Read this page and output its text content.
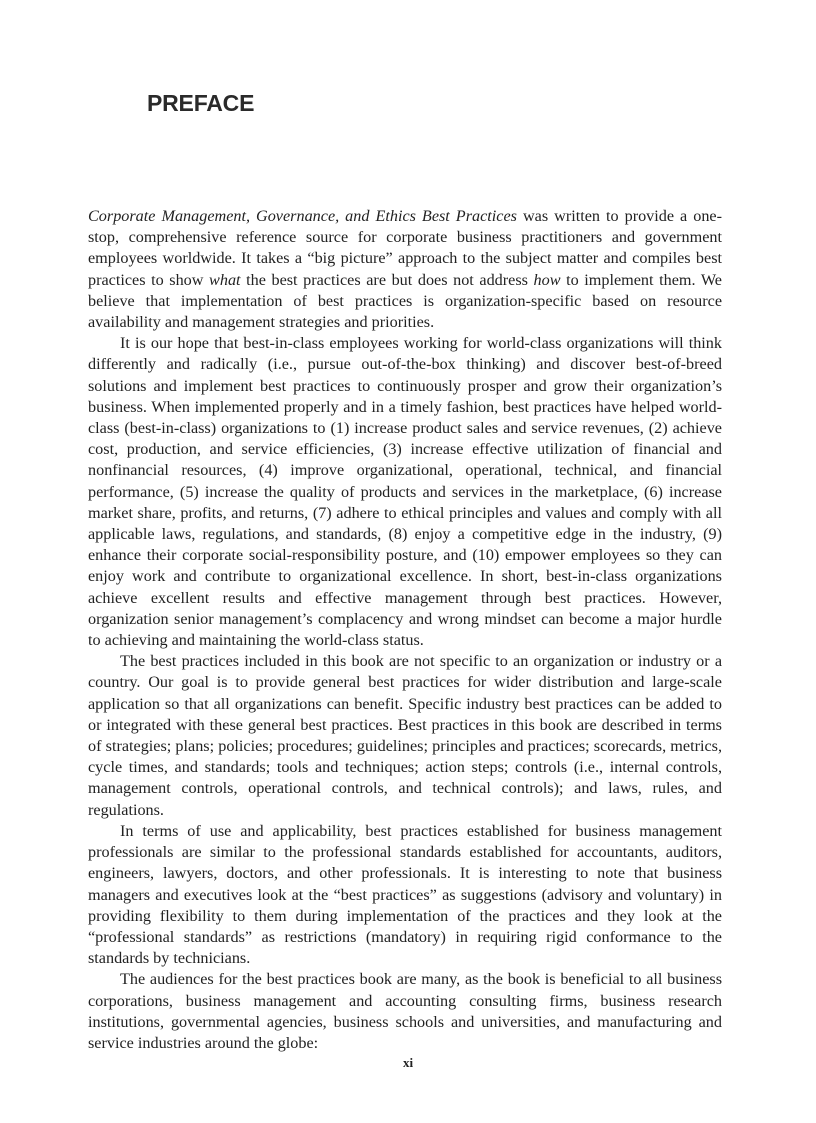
PREFACE

Corporate Management, Governance, and Ethics Best Practices was written to provide a one-stop, comprehensive reference source for corporate business practitioners and government employees worldwide. It takes a “big picture” approach to the subject matter and compiles best practices to show what the best practices are but does not address how to implement them. We believe that implementation of best practices is organization-specific based on resource availability and management strategies and priorities.

It is our hope that best-in-class employees working for world-class organizations will think differently and radically (i.e., pursue out-of-the-box thinking) and discover best-of-breed solutions and implement best practices to continuously prosper and grow their organization’s business. When implemented properly and in a timely fashion, best practices have helped world-class (best-in-class) organizations to (1) increase product sales and service revenues, (2) achieve cost, production, and service efficiencies, (3) increase effective utilization of financial and nonfinancial resources, (4) improve organizational, operational, technical, and financial performance, (5) increase the quality of products and services in the marketplace, (6) increase market share, profits, and returns, (7) adhere to ethical principles and values and comply with all applicable laws, regulations, and standards, (8) enjoy a competitive edge in the industry, (9) enhance their corporate social-responsibility posture, and (10) empower employees so they can enjoy work and contribute to organizational excellence. In short, best-in-class organizations achieve excellent results and effective management through best practices. However, organization senior management’s complacency and wrong mindset can become a major hurdle to achieving and maintaining the world-class status.

The best practices included in this book are not specific to an organization or industry or a country. Our goal is to provide general best practices for wider distribution and large-scale application so that all organizations can benefit. Specific industry best practices can be added to or integrated with these general best practices. Best practices in this book are described in terms of strategies; plans; policies; procedures; guidelines; principles and practices; scorecards, metrics, cycle times, and standards; tools and techniques; action steps; controls (i.e., internal controls, management controls, operational controls, and technical controls); and laws, rules, and regulations.

In terms of use and applicability, best practices established for business management professionals are similar to the professional standards established for accountants, auditors, engineers, lawyers, doctors, and other professionals. It is interesting to note that business managers and executives look at the “best practices” as suggestions (advisory and voluntary) in providing flexibility to them during implementation of the practices and they look at the “professional standards” as restrictions (mandatory) in requiring rigid conformance to the standards by technicians.

The audiences for the best practices book are many, as the book is beneficial to all business corporations, business management and accounting consulting firms, business research institutions, governmental agencies, business schools and universities, and manufacturing and service industries around the globe:

xi
